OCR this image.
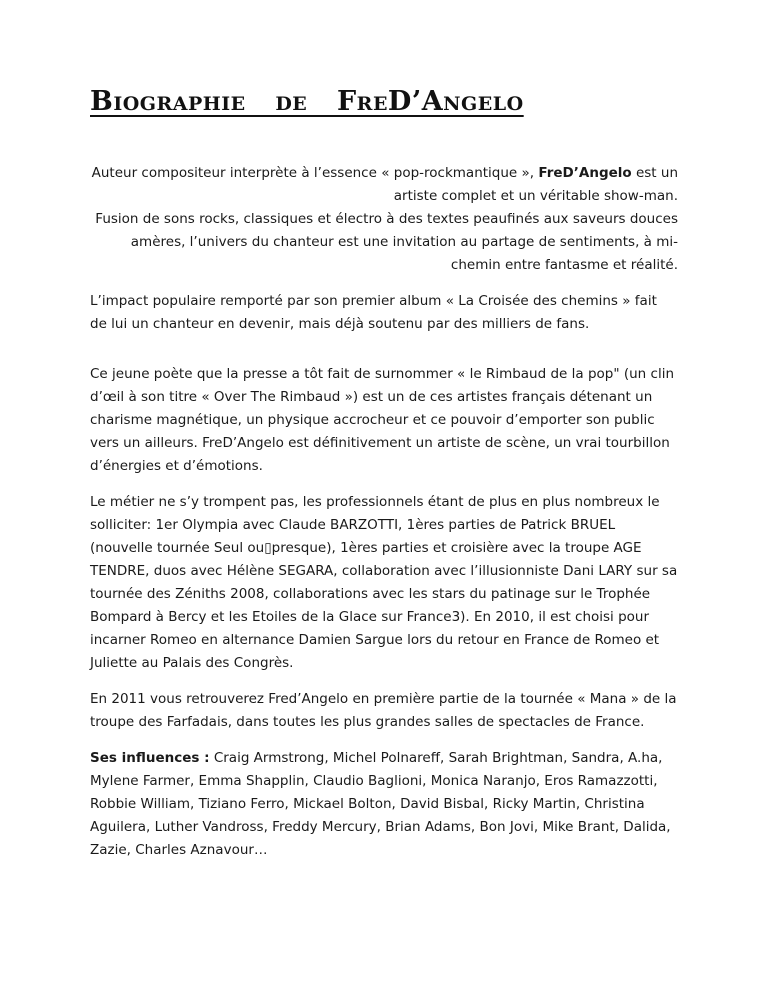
Biographie   de   FreD’Angelo
Auteur compositeur interprète à l’essence « pop-rockmantique », FreD’Angelo est un
artiste complet et un véritable show-man.
Fusion de sons rocks, classiques et électro à des textes peaufinés aux saveurs douces
amères, l’univers du chanteur est une invitation au partage de sentiments, à mi-
chemin entre fantasme et réalité.

L’impact populaire remporté par son premier album « La Croisée des chemins » fait de lui un chanteur en devenir, mais déjà soutenu par des milliers de fans.

Ce jeune poète que la presse a tôt fait de surnommer « le Rimbaud de la pop" (un clin d’œil à son titre « Over The Rimbaud ») est un de ces artistes français détenant un charisme magnétique, un physique accrocheur et ce pouvoir d’emporter son public vers un ailleurs. FreD’Angelo est définitivement un artiste de scène, un vrai tourbillon d’énergies et d’émotions.

Le métier ne s’y trompent pas, les professionnels étant de plus en plus nombreux le solliciter: 1er Olympia avec Claude BARZOTTI, 1ères parties de Patrick BRUEL (nouvelle tournée Seul ou▯presque), 1ères parties et croisière avec la troupe AGE TENDRE, duos avec Hélène SEGARA, collaboration avec l’illusionniste Dani LARY sur sa tournée des Zéniths 2008, collaborations avec les stars du patinage sur le Trophée Bompard à Bercy et les Etoiles de la Glace sur France3). En 2010, il est choisi pour incarner Romeo en alternance Damien Sargue lors du retour en France de Romeo et Juliette au Palais des Congrès.

En 2011 vous retrouverez Fred’Angelo en première partie de la tournée « Mana » de la troupe des Farfadais, dans toutes les plus grandes salles de spectacles de France.

Ses influences : Craig Armstrong, Michel Polnareff, Sarah Brightman, Sandra, A.ha, Mylene Farmer, Emma Shapplin, Claudio Baglioni, Monica Naranjo, Eros Ramazzotti, Robbie William, Tiziano Ferro, Mickael Bolton, David Bisbal, Ricky Martin, Christina Aguilera, Luther Vandross, Freddy Mercury, Brian Adams, Bon Jovi, Mike Brant, Dalida, Zazie, Charles Aznavour…
